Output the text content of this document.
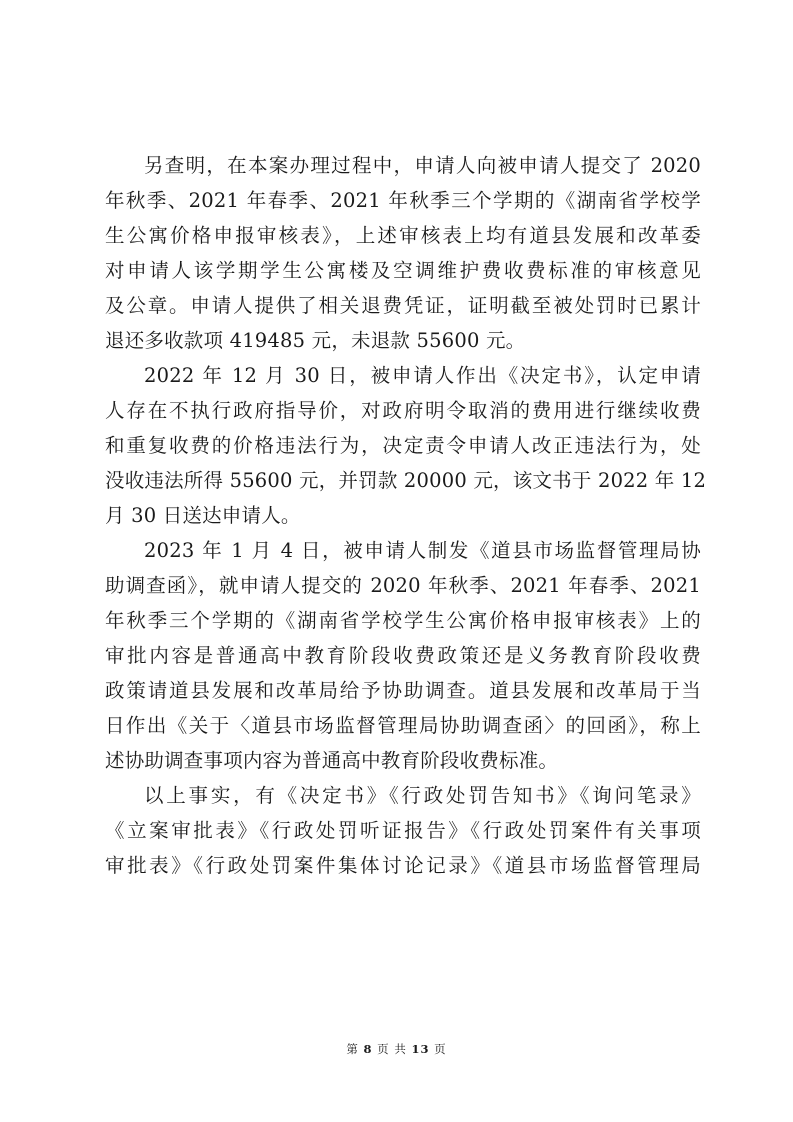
另查明，在本案办理过程中，申请人向被申请人提交了 2020
年秋季、2021 年春季、2021 年秋季三个学期的《湖南省学校学
生公寓价格申报审核表》，上述审核表上均有道县发展和改革委
对申请人该学期学生公寓楼及空调维护费收费标准的审核意见
及公章。申请人提供了相关退费凭证，证明截至被处罚时已累计
退还多收款项 419485 元，未退款 55600 元。
2022 年 12 月 30 日，被申请人作出《决定书》，认定申请
人存在不执行政府指导价，对政府明令取消的费用进行继续收费
和重复收费的价格违法行为，决定责令申请人改正违法行为，处
没收违法所得 55600 元，并罚款 20000 元，该文书于 2022 年 12
月 30 日送达申请人。
2023 年 1 月 4 日，被申请人制发《道县市场监督管理局协
助调查函》，就申请人提交的 2020 年秋季、2021 年春季、2021
年秋季三个学期的《湖南省学校学生公寓价格申报审核表》上的
审批内容是普通高中教育阶段收费政策还是义务教育阶段收费
政策请道县发展和改革局给予协助调查。道县发展和改革局于当
日作出《关于〈道县市场监督管理局协助调查函〉的回函》，称上
述协助调查事项内容为普通高中教育阶段收费标准。
以上事实，有《决定书》《行政处罚告知书》《询问笔录》
《立案审批表》《行政处罚听证报告》《行政处罚案件有关事项
审批表》《行政处罚案件集体讨论记录》《道县市场监督管理局
第 8 页 共 13 页
